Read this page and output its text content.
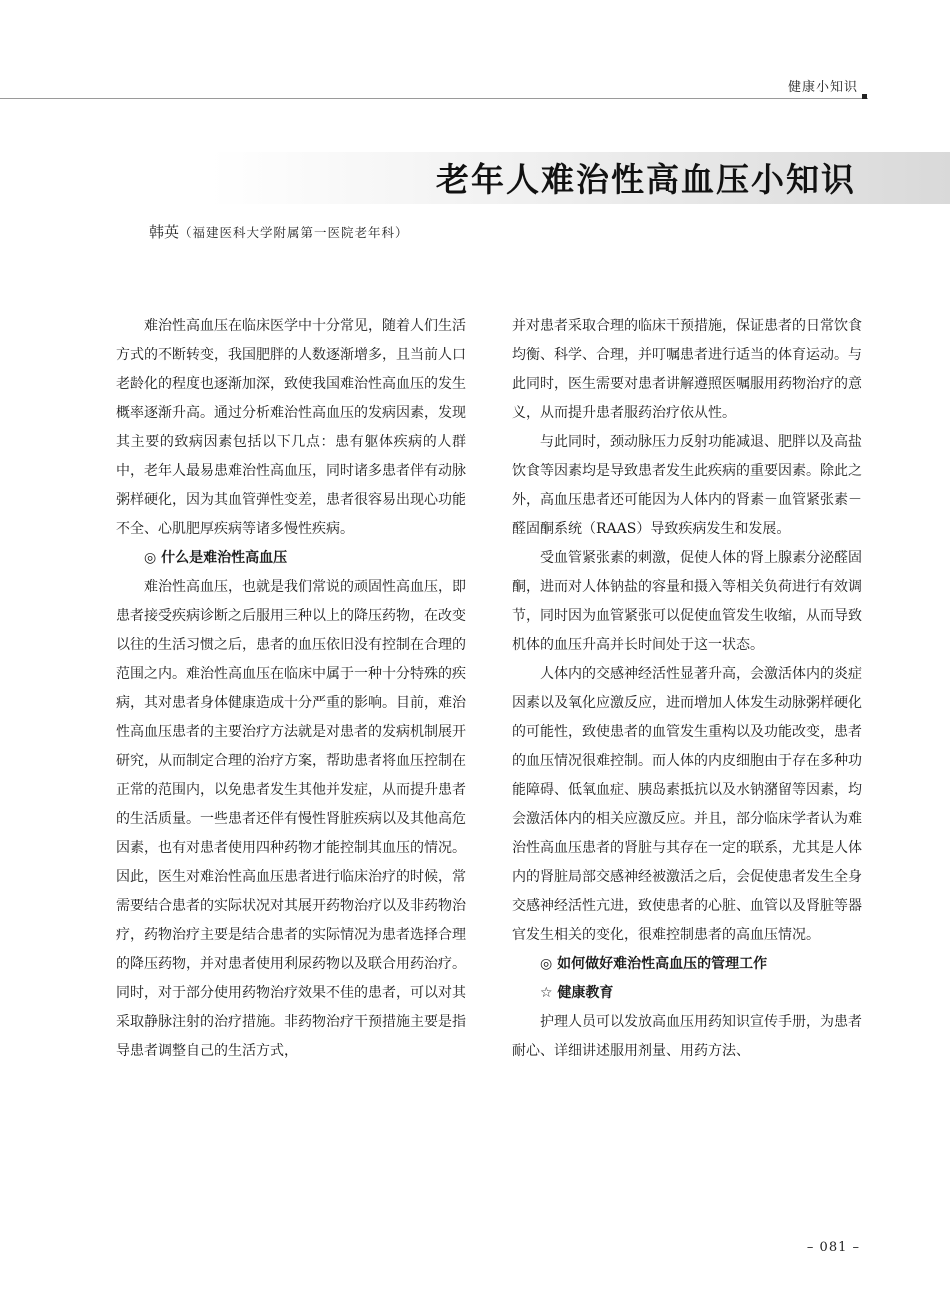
健康小知识
老年人难治性高血压小知识
韩英（福建医科大学附属第一医院老年科）

难治性高血压在临床医学中十分常见，随着人们生活方式的不断转变，我国肥胖的人数逐渐增多，且当前人口老龄化的程度也逐渐加深，致使我国难治性高血压的发生概率逐渐升高。通过分析难治性高血压的发病因素，发现其主要的致病因素包括以下几点：患有躯体疾病的人群中，老年人最易患难治性高血压，同时诸多患者伴有动脉粥样硬化，因为其血管弹性变差，患者很容易出现心功能不全、心肌肥厚疾病等诸多慢性疾病。

◎ 什么是难治性高血压

难治性高血压，也就是我们常说的顽固性高血压，即患者接受疾病诊断之后服用三种以上的降压药物，在改变以往的生活习惯之后，患者的血压依旧没有控制在合理的范围之内。难治性高血压在临床中属于一种十分特殊的疾病，其对患者身体健康造成十分严重的影响。目前，难治性高血压患者的主要治疗方法就是对患者的发病机制展开研究，从而制定合理的治疗方案，帮助患者将血压控制在正常的范围内，以免患者发生其他并发症，从而提升患者的生活质量。一些患者还伴有慢性肾脏疾病以及其他高危因素，也有对患者使用四种药物才能控制其血压的情况。因此，医生对难治性高血压患者进行临床治疗的时候，常需要结合患者的实际状况对其展开药物治疗以及非药物治疗，药物治疗主要是结合患者的实际情况为患者选择合理的降压药物，并对患者使用利尿药物以及联合用药治疗。同时，对于部分使用药物治疗效果不佳的患者，可以对其采取静脉注射的治疗措施。非药物治疗干预措施主要是指导患者调整自己的生活方式，

并对患者采取合理的临床干预措施，保证患者的日常饮食均衡、科学、合理，并叮嘱患者进行适当的体育运动。与此同时，医生需要对患者讲解遵照医嘱服用药物治疗的意义，从而提升患者服药治疗依从性。

与此同时，颈动脉压力反射功能减退、肥胖以及高盐饮食等因素均是导致患者发生此疾病的重要因素。除此之外，高血压患者还可能因为人体内的肾素－血管紧张素－醛固酮系统（RAAS）导致疾病发生和发展。

受血管紧张素的刺激，促使人体的肾上腺素分泌醛固酮，进而对人体钠盐的容量和摄入等相关负荷进行有效调节，同时因为血管紧张可以促使血管发生收缩，从而导致机体的血压升高并长时间处于这一状态。

人体内的交感神经活性显著升高，会激活体内的炎症因素以及氧化应激反应，进而增加人体发生动脉粥样硬化的可能性，致使患者的血管发生重构以及功能改变，患者的血压情况很难控制。而人体的内皮细胞由于存在多种功能障碍、低氧血症、胰岛素抵抗以及水钠潴留等因素，均会激活体内的相关应激反应。并且，部分临床学者认为难治性高血压患者的肾脏与其存在一定的联系，尤其是人体内的肾脏局部交感神经被激活之后，会促使患者发生全身交感神经活性亢进，致使患者的心脏、血管以及肾脏等器官发生相关的变化，很难控制患者的高血压情况。

◎ 如何做好难治性高血压的管理工作
☆ 健康教育

护理人员可以发放高血压用药知识宣传手册，为患者耐心、详细讲述服用剂量、用药方法、

– 081 –
